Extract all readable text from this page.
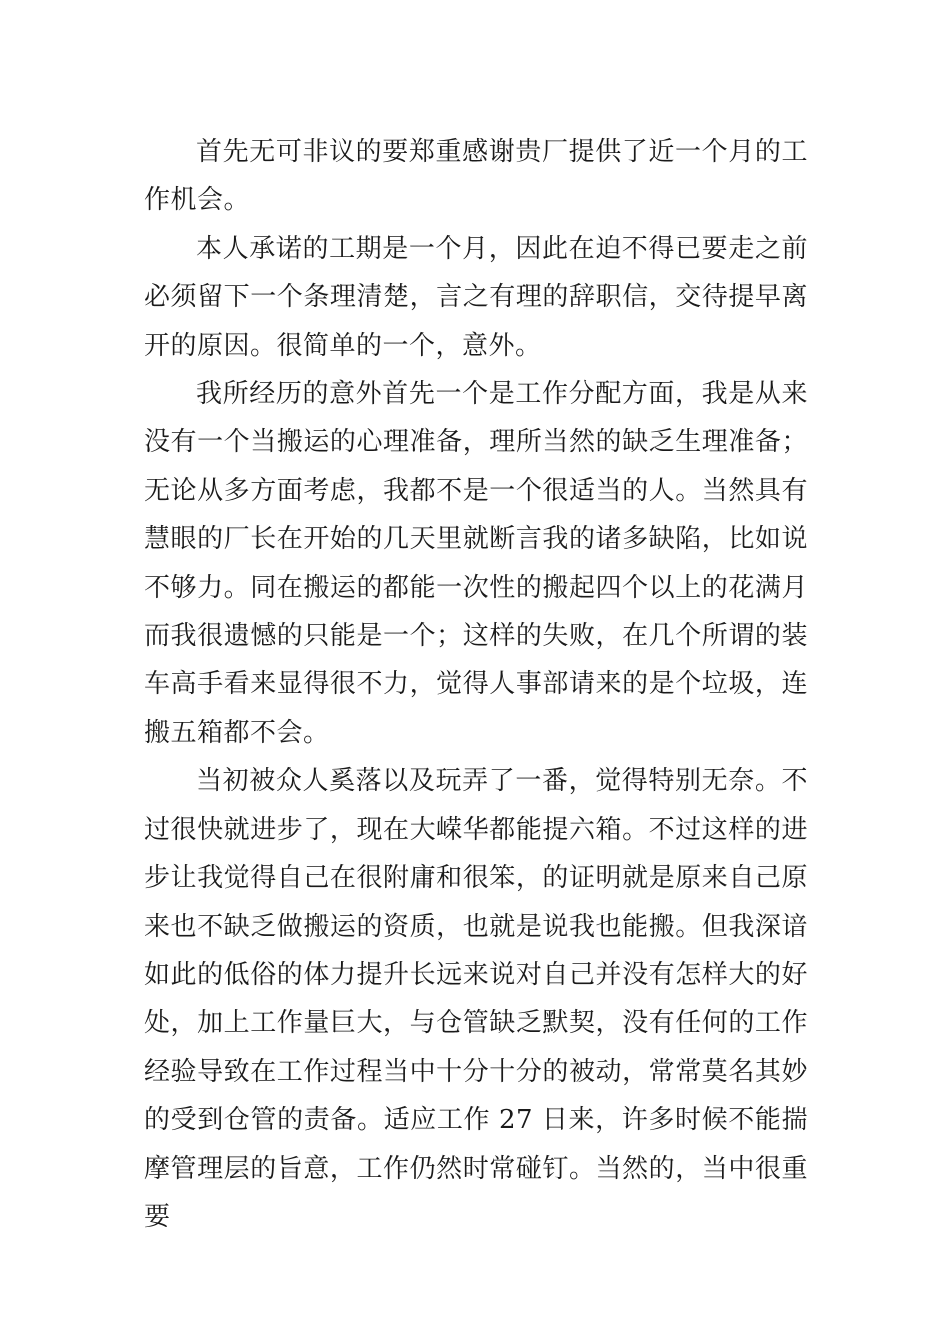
首先无可非议的要郑重感谢贵厂提供了近一个月的工作机会。

本人承诺的工期是一个月，因此在迫不得已要走之前必须留下一个条理清楚，言之有理的辞职信，交待提早离开的原因。很简单的一个，意外。

我所经历的意外首先一个是工作分配方面，我是从来没有一个当搬运的心理准备，理所当然的缺乏生理准备；无论从多方面考虑，我都不是一个很适当的人。当然具有慧眼的厂长在开始的几天里就断言我的诸多缺陷，比如说不够力。同在搬运的都能一次性的搬起四个以上的花满月而我很遗憾的只能是一个；这样的失败，在几个所谓的装车高手看来显得很不力，觉得人事部请来的是个垃圾，连搬五箱都不会。

当初被众人奚落以及玩弄了一番，觉得特别无奈。不过很快就进步了，现在大嵘华都能提六箱。不过这样的进步让我觉得自己在很附庸和很笨，的证明就是原来自己原来也不缺乏做搬运的资质，也就是说我也能搬。但我深谙如此的低俗的体力提升长远来说对自己并没有怎样大的好处，加上工作量巨大，与仓管缺乏默契，没有任何的工作经验导致在工作过程当中十分十分的被动，常常莫名其妙的受到仓管的责备。适应工作 27 日来，许多时候不能揣摩管理层的旨意，工作仍然时常碰钉。当然的，当中很重要
